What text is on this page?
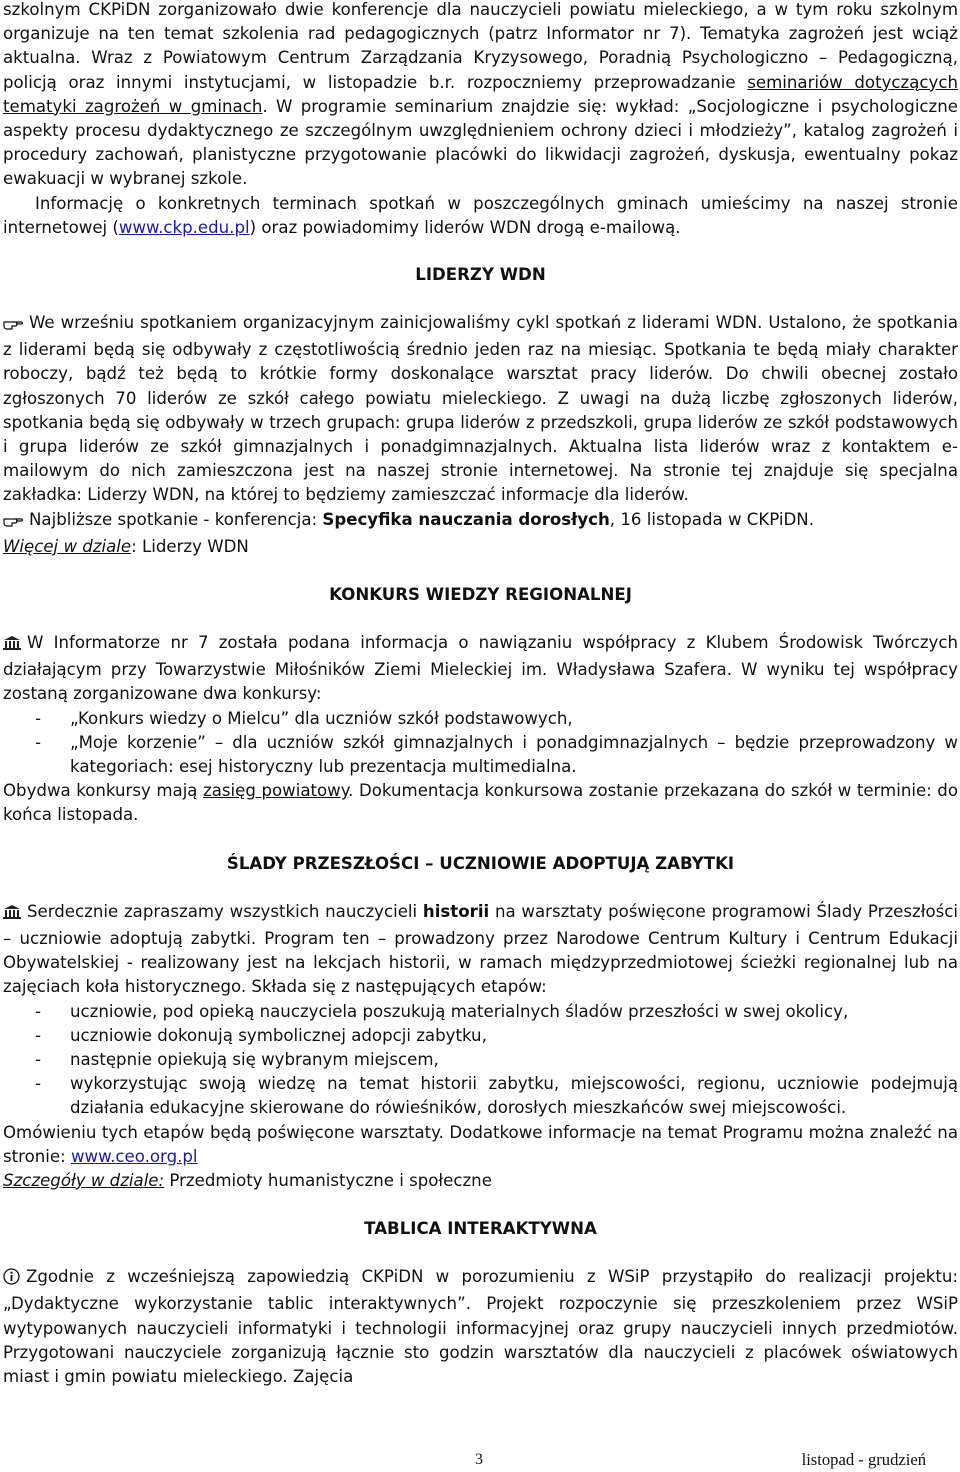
szkolnym CKPiDN zorganizowało dwie konferencje dla nauczycieli powiatu mieleckiego, a w tym roku szkolnym organizuje na ten temat szkolenia rad pedagogicznych (patrz Informator nr 7). Tematyka zagrożeń jest wciąż aktualna. Wraz z Powiatowym Centrum Zarządzania Kryzysowego, Poradnią Psychologiczno – Pedagogiczną, policją oraz innymi instytucjami, w listopadzie b.r. rozpoczniemy przeprowadzanie seminariów dotyczących tematyki zagrożeń w gminach. W programie seminarium znajdzie się: wykład: „Socjologiczne i psychologiczne aspekty procesu dydaktycznego ze szczególnym uwzględnieniem ochrony dzieci i młodzieży”, katalog zagrożeń i procedury zachowań, planistyczne przygotowanie placówki do likwidacji zagrożeń, dyskusja, ewentualny pokaz ewakuacji w wybranej szkole.

Informację o konkretnych terminach spotkań w poszczególnych gminach umieścimy na naszej stronie internetowej (www.ckp.edu.pl) oraz powiadomimy liderów WDN drogą e-mailową.

LIDERZY WDN

We wrześniu spotkaniem organizacyjnym zainicjowaliśmy cykl spotkań z liderami WDN. Ustalono, że spotkania z liderami będą się odbywały z częstotliwością średnio jeden raz na miesiąc. Spotkania te będą miały charakter roboczy, bądź też będą to krótkie formy doskonalące warsztat pracy liderów. Do chwili obecnej zostało zgłoszonych 70 liderów ze szkół całego powiatu mieleckiego. Z uwagi na dużą liczbę zgłoszonych liderów, spotkania będą się odbywały w trzech grupach: grupa liderów z przedszkoli, grupa liderów ze szkół podstawowych i grupa liderów ze szkół gimnazjalnych i ponadgimnazjalnych. Aktualna lista liderów wraz z kontaktem e-mailowym do nich zamieszczona jest na naszej stronie internetowej. Na stronie tej znajduje się specjalna zakładka: Liderzy WDN, na której to będziemy zamieszczać informacje dla liderów.

Najbliższe spotkanie - konferencja: Specyfika nauczania dorosłych, 16 listopada w CKPiDN.

Więcej w dziale: Liderzy WDN

KONKURS WIEDZY REGIONALNEJ

W Informatorze nr 7 została podana informacja o nawiązaniu współpracy z Klubem Środowisk Twórczych działającym przy Towarzystwie Miłośników Ziemi Mieleckiej im. Władysława Szafera. W wyniku tej współpracy zostaną zorganizowane dwa konkursy:

- „Konkurs wiedzy o Mielcu” dla uczniów szkół podstawowych,
- „Moje korzenie” – dla uczniów szkół gimnazjalnych i ponadgimnazjalnych – będzie przeprowadzony w kategoriach: esej historyczny lub prezentacja multimedialna.

Obydwa konkursy mają zasięg powiatowy. Dokumentacja konkursowa zostanie przekazana do szkół w terminie: do końca listopada.

ŚLADY PRZESZŁOŚCI – UCZNIOWIE ADOPTUJĄ ZABYTKI

Serdecznie zapraszamy wszystkich nauczycieli historii na warsztaty poświęcone programowi Ślady Przeszłości – uczniowie adoptują zabytki. Program ten – prowadzony przez Narodowe Centrum Kultury i Centrum Edukacji Obywatelskiej - realizowany jest na lekcjach historii, w ramach międzyprzedmiotowej ścieżki regionalnej lub na zajęciach koła historycznego. Składa się z następujących etapów:

- uczniowie, pod opieką nauczyciela poszukują materialnych śladów przeszłości w swej okolicy,
- uczniowie dokonują symbolicznej adopcji zabytku,
- następnie opiekują się wybranym miejscem,
- wykorzystując swoją wiedzę na temat historii zabytku, miejscowości, regionu, uczniowie podejmują działania edukacyjne skierowane do rówieśników, dorosłych mieszkańców swej miejscowości.

Omówieniu tych etapów będą poświęcone warsztaty. Dodatkowe informacje na temat Programu można znaleźć na stronie: www.ceo.org.pl

Szczegóły w dziale: Przedmioty humanistyczne i społeczne

TABLICA INTERAKTYWNA

Zgodnie z wcześniejszą zapowiedzią CKPiDN w porozumieniu z WSiP przystąpiło do realizacji projektu: „Dydaktyczne wykorzystanie tablic interaktywnych”. Projekt rozpoczynie się przeszkoleniem przez WSiP wytypowanych nauczycieli informatyki i technologii informacyjnej oraz grupy nauczycieli innych przedmiotów. Przygotowani nauczyciele zorganizują łącznie sto godzin warsztatów dla nauczycieli z placówek oświatowych miast i gmin powiatu mieleckiego. Zajęcia

3	listopad - grudzień
